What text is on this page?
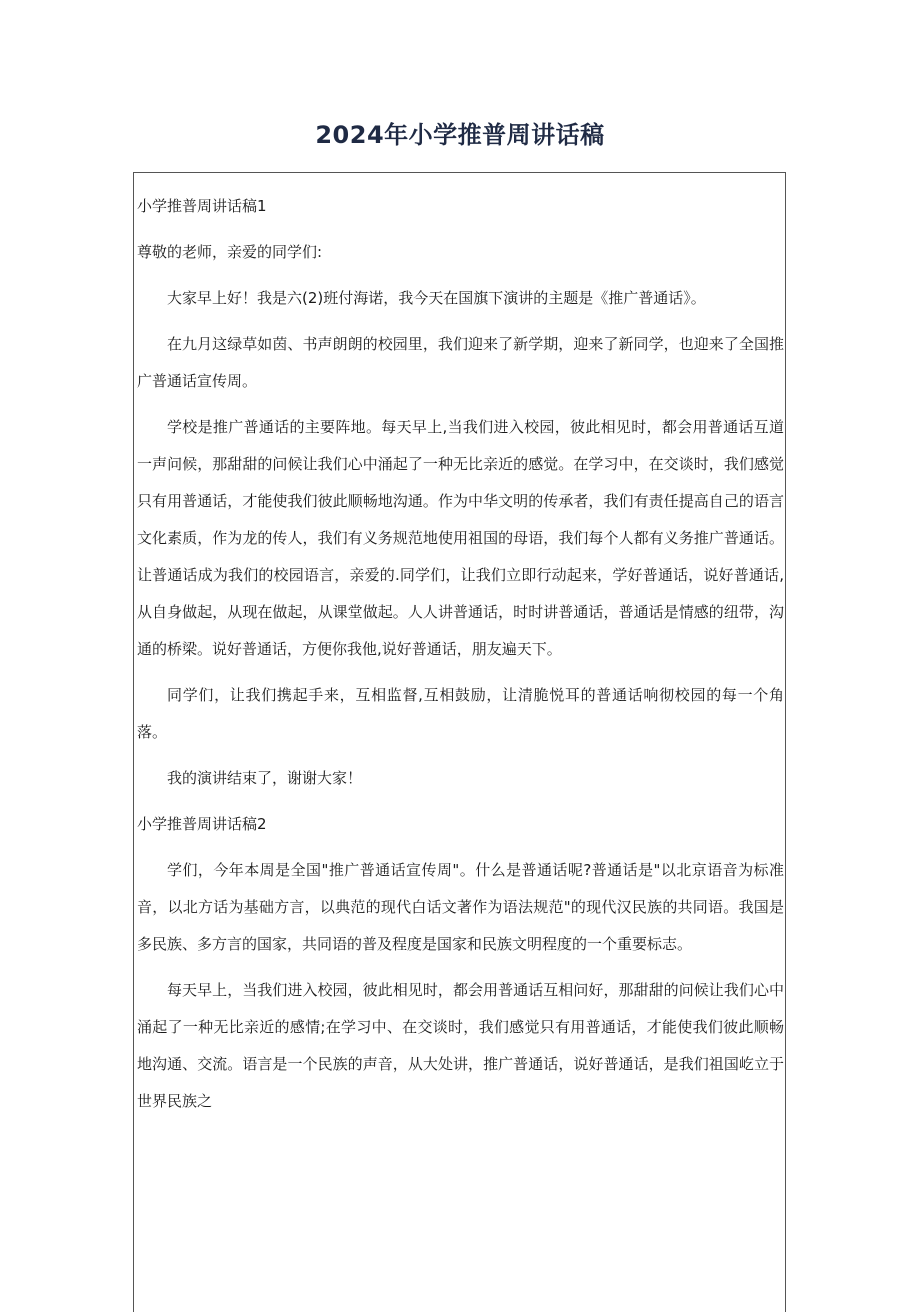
2024年小学推普周讲话稿

小学推普周讲话稿1

尊敬的老师，亲爱的同学们:

大家早上好！我是六(2)班付海诺，我今天在国旗下演讲的主题是《推广普通话》。

在九月这绿草如茵、书声朗朗的校园里，我们迎来了新学期，迎来了新同学，也迎来了全国推广普通话宣传周。

学校是推广普通话的主要阵地。每天早上,当我们进入校园，彼此相见时，都会用普通话互道一声问候，那甜甜的问候让我们心中涌起了一种无比亲近的感觉。在学习中，在交谈时，我们感觉只有用普通话，才能使我们彼此顺畅地沟通。作为中华文明的传承者，我们有责任提高自己的语言文化素质，作为龙的传人，我们有义务规范地使用祖国的母语，我们每个人都有义务推广普通话。让普通话成为我们的校园语言，亲爱的.同学们，让我们立即行动起来，学好普通话，说好普通话,从自身做起，从现在做起，从课堂做起。人人讲普通话，时时讲普通话，普通话是情感的纽带，沟通的桥梁。说好普通话，方便你我他,说好普通话，朋友遍天下。

同学们，让我们携起手来，互相监督,互相鼓励，让清脆悦耳的普通话响彻校园的每一个角落。

我的演讲结束了，谢谢大家！

小学推普周讲话稿2

学们，今年本周是全国"推广普通话宣传周"。什么是普通话呢?普通话是"以北京语音为标准音，以北方话为基础方言，以典范的现代白话文著作为语法规范"的现代汉民族的共同语。我国是多民族、多方言的国家，共同语的普及程度是国家和民族文明程度的一个重要标志。

每天早上，当我们进入校园，彼此相见时，都会用普通话互相问好，那甜甜的问候让我们心中涌起了一种无比亲近的感情;在学习中、在交谈时，我们感觉只有用普通话，才能使我们彼此顺畅地沟通、交流。语言是一个民族的声音，从大处讲，推广普通话，说好普通话，是我们祖国屹立于世界民族之
